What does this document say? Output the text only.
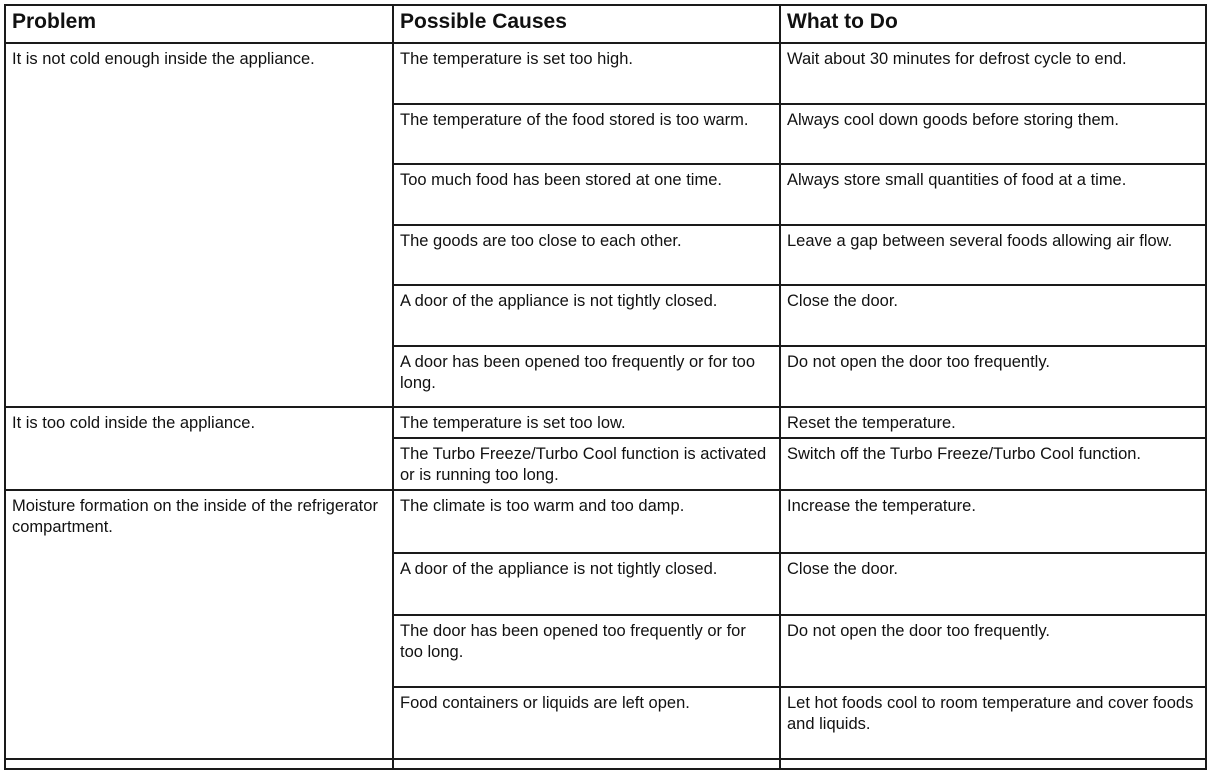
Problem	Possible Causes	What to Do
It is not cold enough inside the appliance.	The temperature is set too high.	Wait about 30 minutes for defrost cycle to end.
	The temperature of the food stored is too warm.	Always cool down goods before storing them.
	Too much food has been stored at one time.	Always store small quantities of food at a time.
	The goods are too close to each other.	Leave a gap between several foods allowing air flow.
	A door of the appliance is not tightly closed.	Close the door.
	A door has been opened too frequently or for too long.	Do not open the door too frequently.
It is too cold inside the appliance.	The temperature is set too low.	Reset the temperature.
	The Turbo Freeze/Turbo Cool function is activated or is running too long.	Switch off the Turbo Freeze/Turbo Cool function.
Moisture formation on the inside of the refrigerator compartment.	The climate is too warm and too damp.	Increase the temperature.
	A door of the appliance is not tightly closed.	Close the door.
	The door has been opened too frequently or for too long.	Do not open the door too frequently.
	Food containers or liquids are left open.	Let hot foods cool to room temperature and cover foods and liquids.
